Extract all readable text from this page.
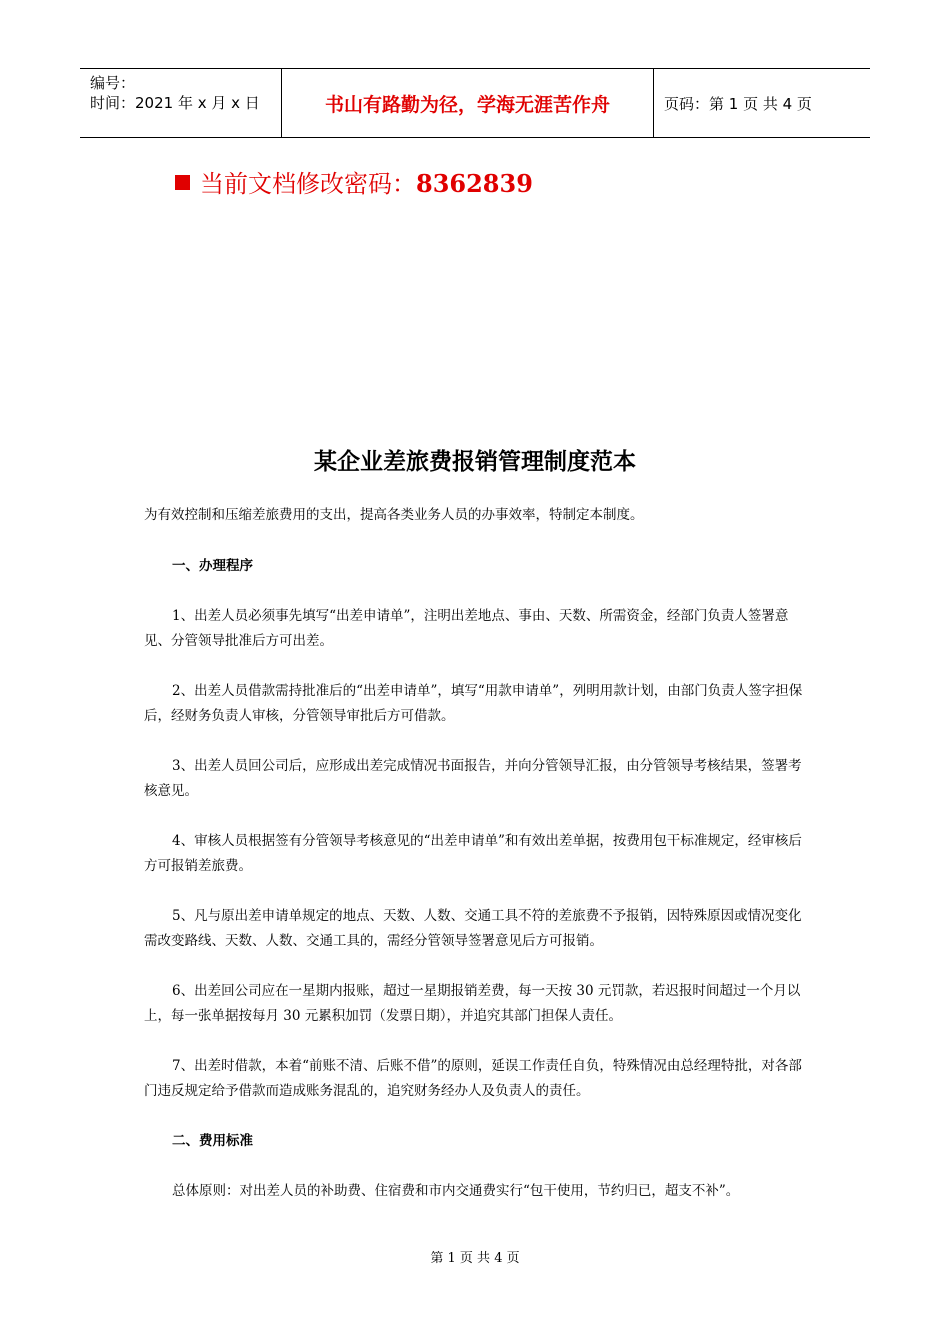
编号：
时间：2021 年 x 月 x 日	书山有路勤为径，学海无涯苦作舟	页码：第 1 页 共 4 页
当前文档修改密码：8362839
某企业差旅费报销管理制度范本

为有效控制和压缩差旅费用的支出，提高各类业务人员的办事效率，特制定本制度。

一、办理程序

1、出差人员必须事先填写“出差申请单”，注明出差地点、事由、天数、所需资金，经部门负责人签署意见、分管领导批准后方可出差。

2、出差人员借款需持批准后的“出差申请单”，填写“用款申请单”，列明用款计划，由部门负责人签字担保后，经财务负责人审核，分管领导审批后方可借款。

3、出差人员回公司后，应形成出差完成情况书面报告，并向分管领导汇报，由分管领导考核结果，签署考核意见。

4、审核人员根据签有分管领导考核意见的“出差申请单”和有效出差单据，按费用包干标准规定，经审核后方可报销差旅费。

5、凡与原出差申请单规定的地点、天数、人数、交通工具不符的差旅费不予报销，因特殊原因或情况变化需改变路线、天数、人数、交通工具的，需经分管领导签署意见后方可报销。

6、出差回公司应在一星期内报账，超过一星期报销差费，每一天按 30 元罚款，若迟报时间超过一个月以上，每一张单据按每月 30 元累积加罚（发票日期），并追究其部门担保人责任。

7、出差时借款，本着“前账不清、后账不借”的原则，延误工作责任自负，特殊情况由总经理特批，对各部门违反规定给予借款而造成账务混乱的，追究财务经办人及负责人的责任。

二、费用标准

总体原则：对出差人员的补助费、住宿费和市内交通费实行“包干使用，节约归已，超支不补”。

第 1 页 共 4 页
